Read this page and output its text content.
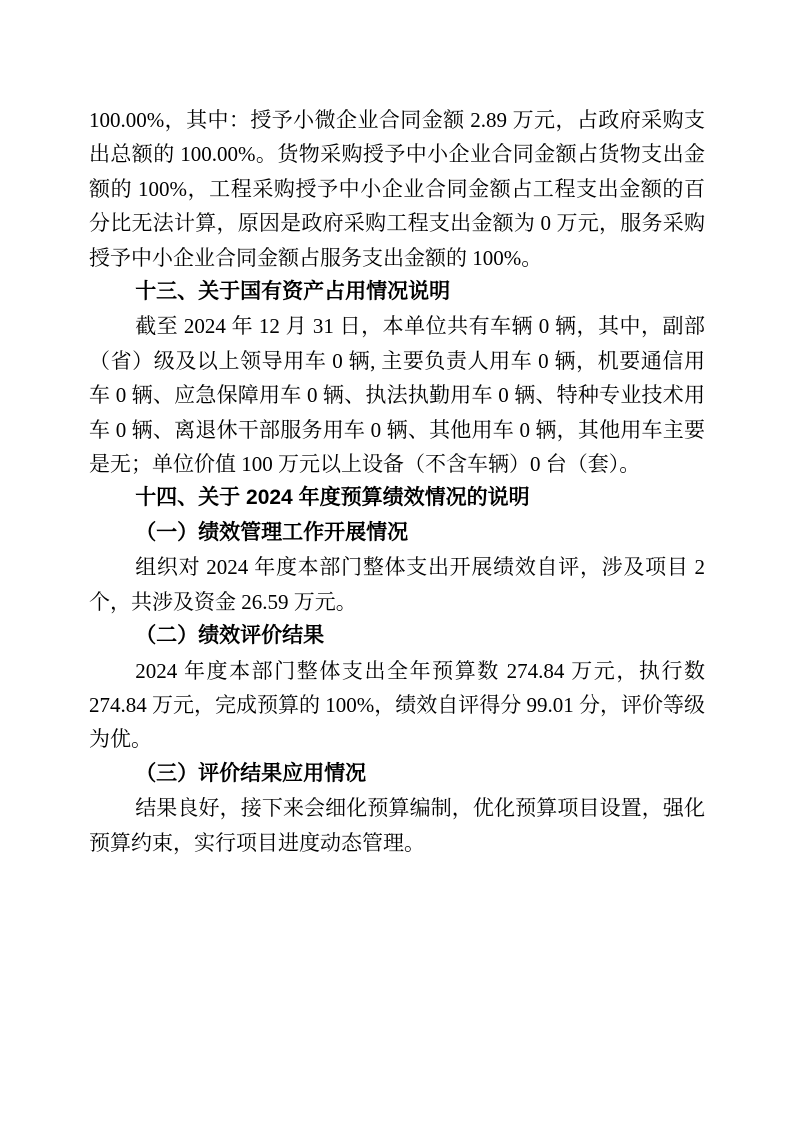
100.00%，其中：授予小微企业合同金额 2.89 万元，占政府采购支出总额的 100.00%。货物采购授予中小企业合同金额占货物支出金额的 100%，工程采购授予中小企业合同金额占工程支出金额的百分比无法计算，原因是政府采购工程支出金额为 0 万元，服务采购授予中小企业合同金额占服务支出金额的 100%。

十三、关于国有资产占用情况说明

截至 2024 年 12 月 31 日，本单位共有车辆 0 辆，其中，副部（省）级及以上领导用车 0 辆, 主要负责人用车 0 辆，机要通信用车 0 辆、应急保障用车 0 辆、执法执勤用车 0 辆、特种专业技术用车 0 辆、离退休干部服务用车 0 辆、其他用车 0 辆，其他用车主要是无；单位价值 100 万元以上设备（不含车辆）0 台（套）。

十四、关于 2024 年度预算绩效情况的说明
（一）绩效管理工作开展情况

组织对 2024 年度本部门整体支出开展绩效自评，涉及项目 2 个，共涉及资金 26.59 万元。

（二）绩效评价结果

2024 年度本部门整体支出全年预算数 274.84 万元，执行数 274.84 万元，完成预算的 100%，绩效自评得分 99.01 分，评价等级为优。

（三）评价结果应用情况

结果良好，接下来会细化预算编制，优化预算项目设置，强化预算约束，实行项目进度动态管理。
